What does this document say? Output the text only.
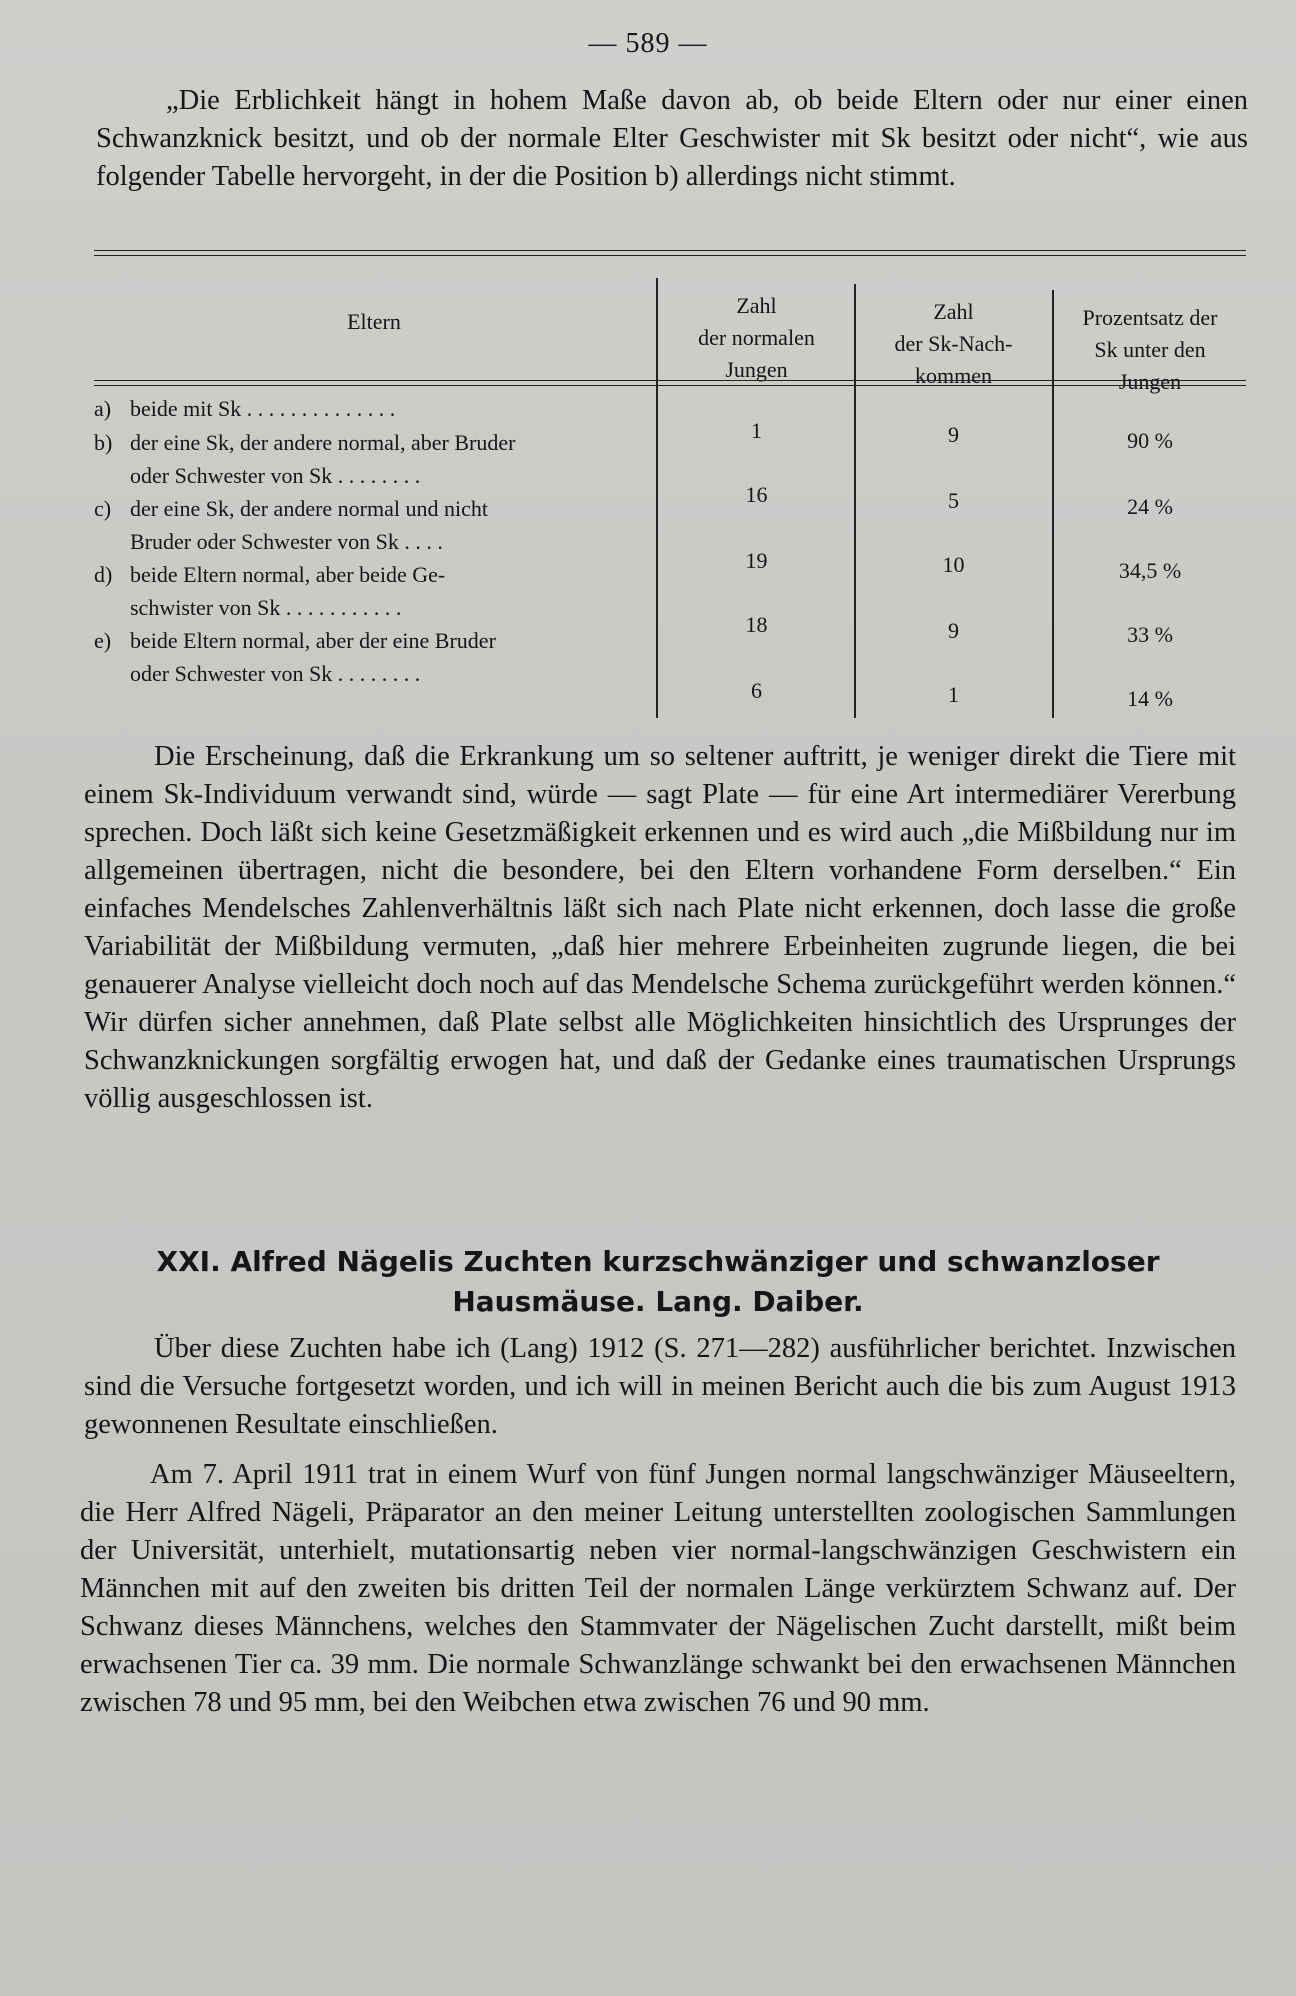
— 589 —

„Die Erblichkeit hängt in hohem Maße davon ab, ob beide Eltern oder nur einer einen Schwanzknick besitzt, und ob der normale Elter Geschwister mit Sk besitzt oder nicht“, wie aus folgender Tabelle hervorgeht, in der die Position b) allerdings nicht stimmt.

Eltern
Zahl
der normalen
Jungen
Zahl
der Sk-Nach-
kommen
Prozentsatz der
Sk unter den
Jungen
a) beide mit Sk . . . . . . . . . . . . . .
b) der eine Sk, der andere normal, aber Bruder
oder Schwester von Sk . . . . . . . .
c) der eine Sk, der andere normal und nicht
Bruder oder Schwester von Sk . . . .
d) beide Eltern normal, aber beide Ge-
schwister von Sk . . . . . . . . . . .
e) beide Eltern normal, aber der eine Bruder
oder Schwester von Sk . . . . . . . .
1
16
19
18
6
9
5
10
9
1
90 %
24 %
34,5 %
33 %
14 %

Die Erscheinung, daß die Erkrankung um so seltener auftritt, je weniger direkt die Tiere mit einem Sk-Individuum verwandt sind, würde — sagt Plate — für eine Art intermediärer Vererbung sprechen. Doch läßt sich keine Gesetzmäßigkeit erkennen und es wird auch „die Mißbildung nur im allgemeinen übertragen, nicht die besondere, bei den Eltern vorhandene Form derselben.“ Ein einfaches Mendelsches Zahlenverhältnis läßt sich nach Plate nicht erkennen, doch lasse die große Variabilität der Mißbildung vermuten, „daß hier mehrere Erbeinheiten zugrunde liegen, die bei genauerer Analyse vielleicht doch noch auf das Mendelsche Schema zurückgeführt werden können.“ Wir dürfen sicher annehmen, daß Plate selbst alle Möglichkeiten hinsichtlich des Ursprunges der Schwanzknickungen sorgfältig erwogen hat, und daß der Gedanke eines traumatischen Ursprungs völlig ausgeschlossen ist.

XXI. Alfred Nägelis Zuchten kurzschwänziger und schwanzloser
Hausmäuse. Lang. Daiber.

Über diese Zuchten habe ich (Lang) 1912 (S. 271—282) ausführlicher berichtet. Inzwischen sind die Versuche fortgesetzt worden, und ich will in meinen Bericht auch die bis zum August 1913 gewonnenen Resultate einschließen.

Am 7. April 1911 trat in einem Wurf von fünf Jungen normal langschwänziger Mäuseeltern, die Herr Alfred Nägeli, Präparator an den meiner Leitung unterstellten zoologischen Sammlungen der Universität, unterhielt, mutationsartig neben vier normal-langschwänzigen Geschwistern ein Männchen mit auf den zweiten bis dritten Teil der normalen Länge verkürztem Schwanz auf. Der Schwanz dieses Männchens, welches den Stammvater der Nägelischen Zucht darstellt, mißt beim erwachsenen Tier ca. 39 mm. Die normale Schwanzlänge schwankt bei den erwachsenen Männchen zwischen 78 und 95 mm, bei den Weibchen etwa zwischen 76 und 90 mm.
